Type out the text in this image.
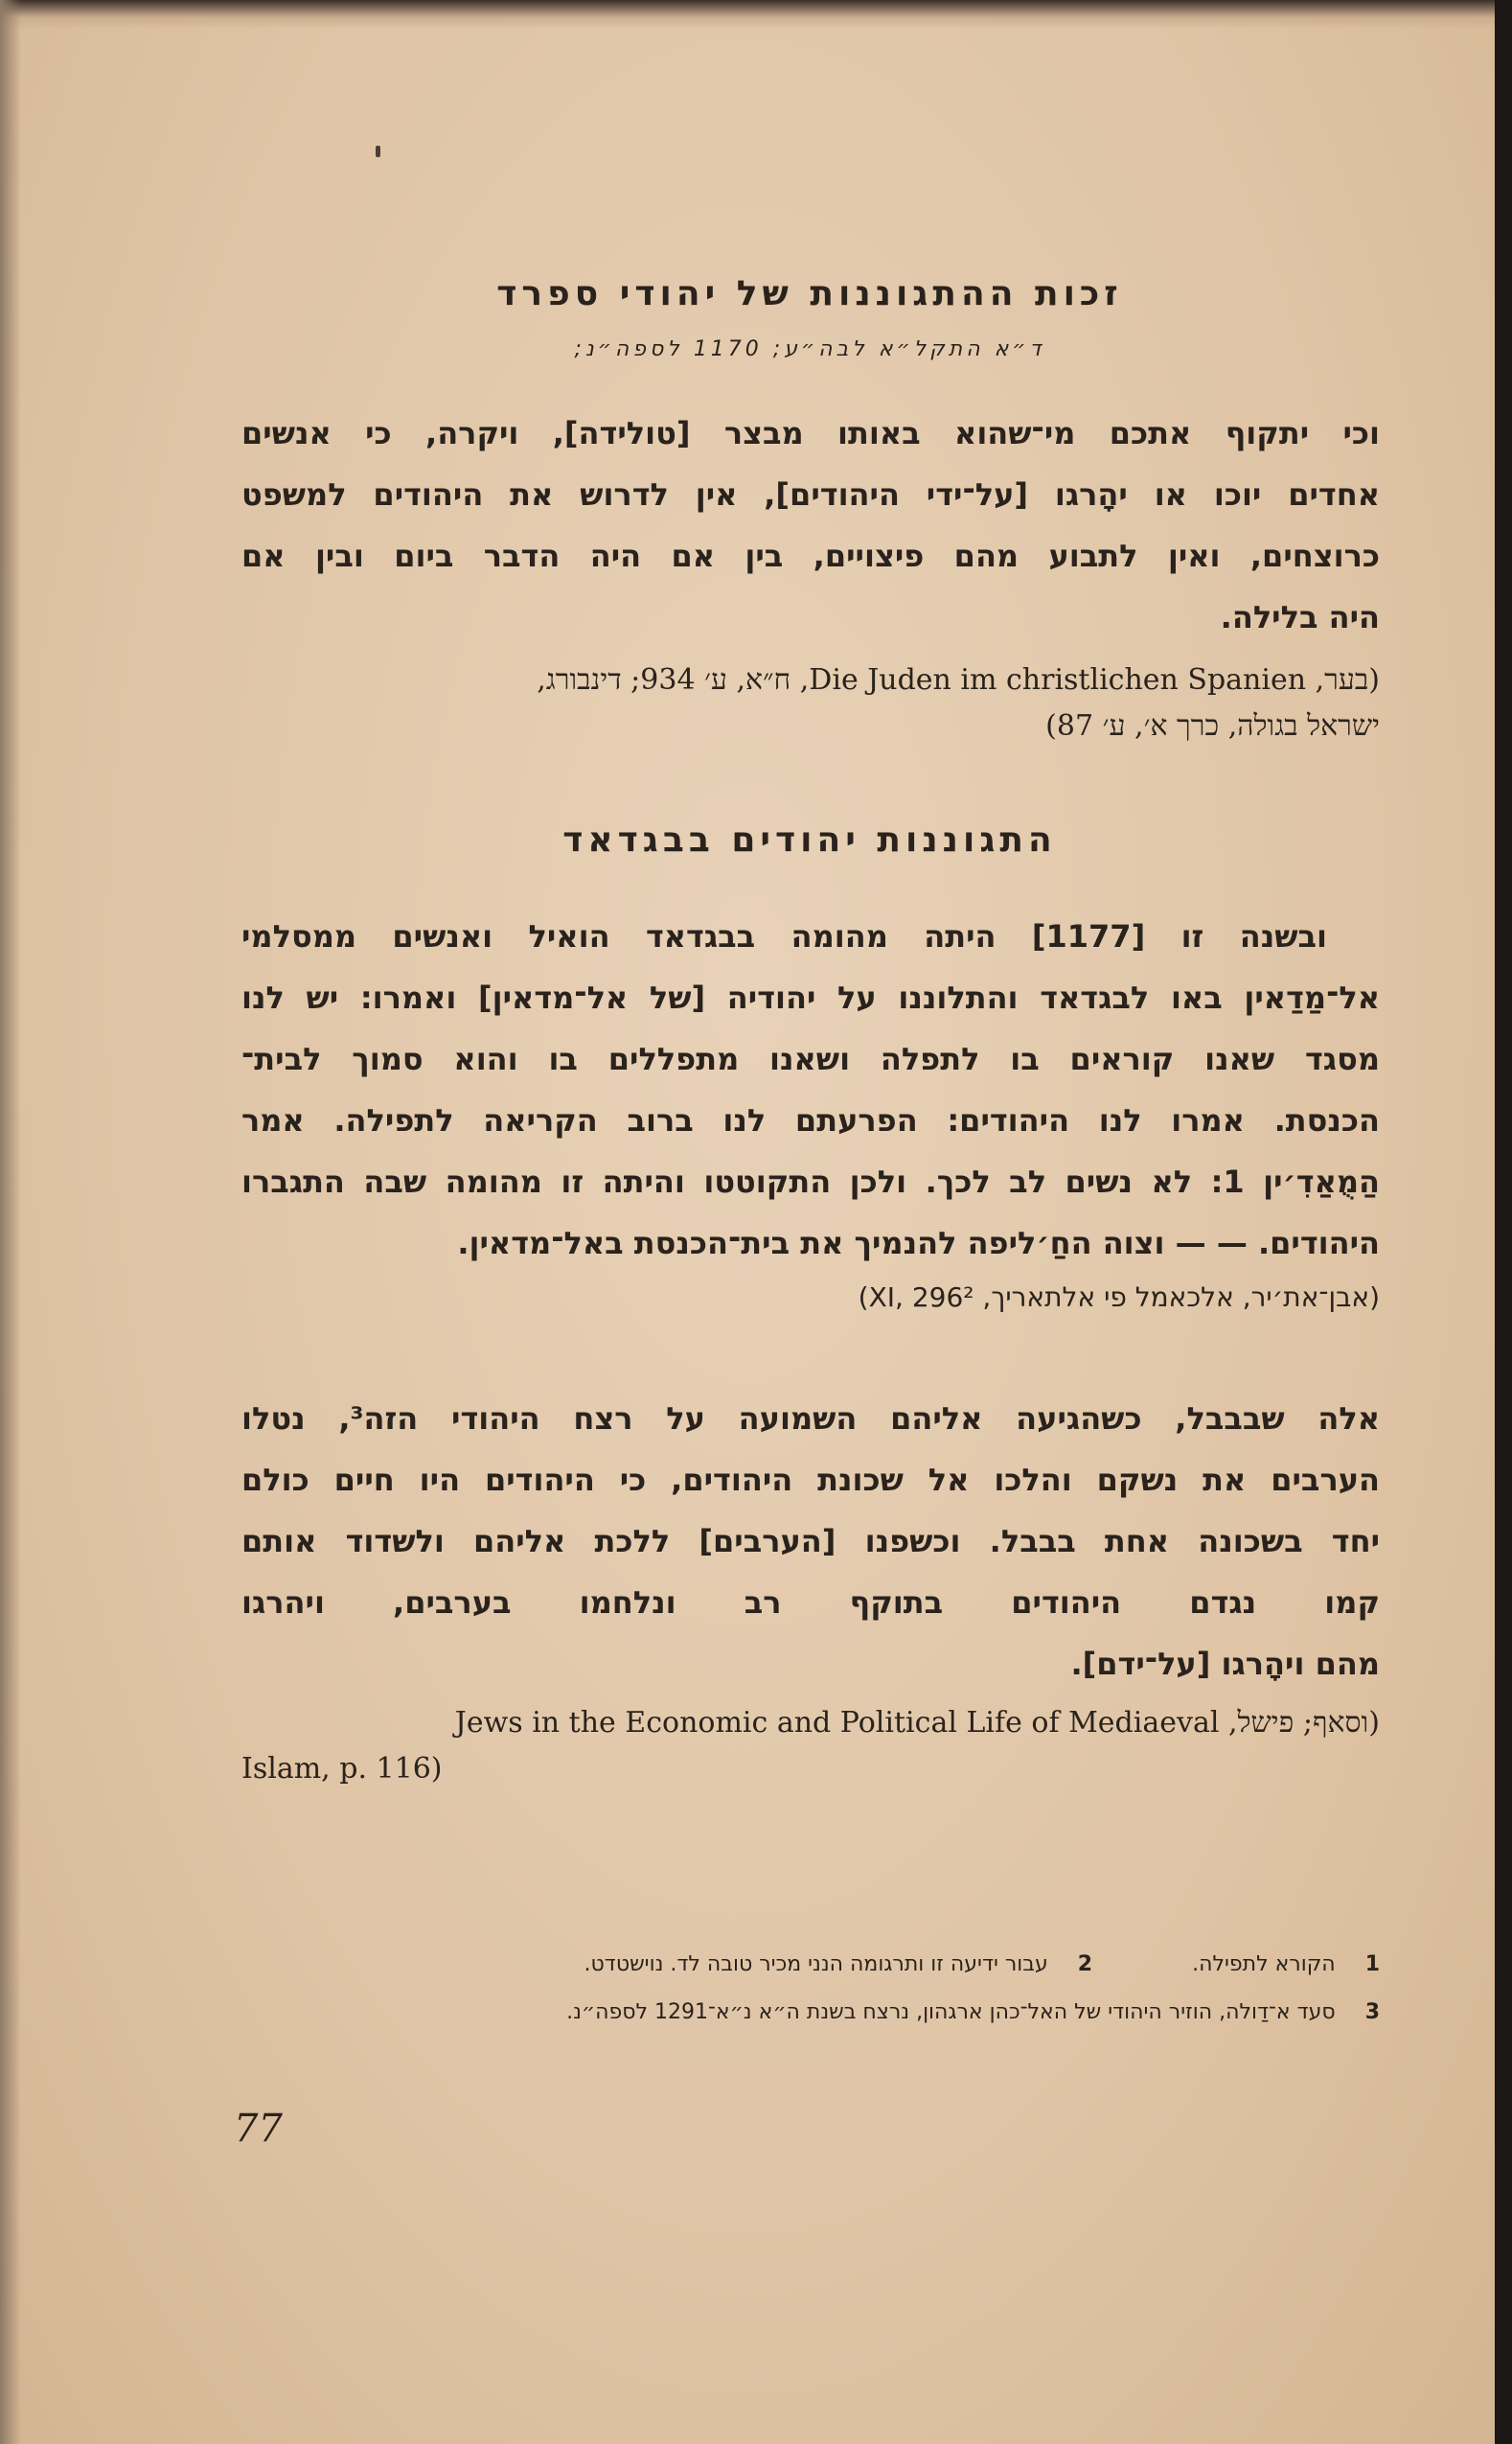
זכות ההתגוננות של יהודי ספרד
ד״א התקל״א לבה״ע; 1170 לספה״נ;
וכי יתקוף אתכם מי־שהוא באותו מבצר [טולידה], ויקרה, כי אנשים
אחדים יוכו או יהָרגו [על־ידי היהודים], אין לדרוש את היהודים למשפט
כרוצחים, ואין לתבוע מהם פיצויים, בין אם היה הדבר ביום ובין אם
היה בלילה.
(בער, Die Juden im christlichen Spanien, ח״א, ע׳ 934; דינבורג,
ישראל בגולה, כרך א׳, ע׳ 87)
התגוננות יהודים בבגדאד
ובשנה זו [1177] היתה מהומה בבגדאד הואיל ואנשים ממסלמי
אל־מַדַאין באו לבגדאד והתלוננו על יהודיה [של אל־מדאין] ואמרו: יש לנו
מסגד שאנו קוראים בו לתפלה ושאנו מתפללים בו והוא סמוך לבית־
הכנסת. אמרו לנו היהודים: הפרעתם לנו ברוב הקריאה לתפילה. אמר
הַמֻאַדִ׳ין 1: לא נשים לב לכך. ולכן התקוטטו והיתה זו מהומה שבה התגברו
היהודים. — — וצוה החַ׳ליפה להנמיך את בית־הכנסת באל־מדאין.
(אבן־את׳יר, אלכאמל פי אלתאריך, XI, 296²)
אלה שבבבל, כשהגיעה אליהם השמועה על רצח היהודי הזה³, נטלו
הערבים את נשקם והלכו אל שכונת היהודים, כי היהודים היו חיים כולם
יחד בשכונה אחת בבבל. וכשפנו [הערבים] ללכת אליהם ולשדוד אותם
קמו נגדם היהודים בתוקף רב ונלחמו בערבים, ויהרגו
מהם ויהָרגו [על־ידם].
(וסאף; פישל, Jews in the Economic and Political Life of Mediaeval
Islam, p. 116)
1 הקורא לתפילה.  2 עבור ידיעה זו ותרגומה הנני מכיר טובה לד. נוישטדט.
3 סעד א־דַולה, הוזיר היהודי של האל־כהן ארגהון, נרצח בשנת ה״א נ״א־1291 לספה״נ.
77
